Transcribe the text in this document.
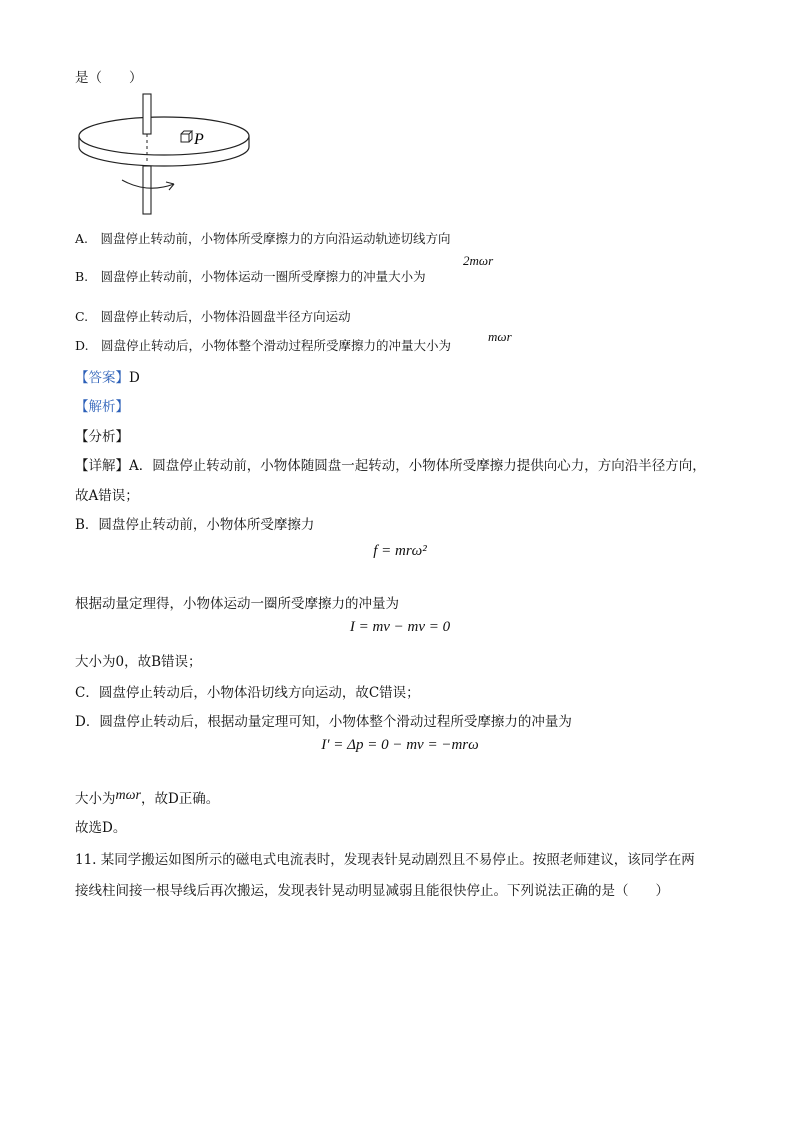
是（　　）
P
A.　圆盘停止转动前，小物体所受摩擦力的方向沿运动轨迹切线方向
B.　圆盘停止转动前，小物体运动一圈所受摩擦力的冲量大小为
2mωr
C.　圆盘停止转动后，小物体沿圆盘半径方向运动
D.　圆盘停止转动后，小物体整个滑动过程所受摩擦力的冲量大小为
mωr
【答案】D
【解析】
【分析】
【详解】A．圆盘停止转动前，小物体随圆盘一起转动，小物体所受摩擦力提供向心力，方向沿半径方向，
故A错误；
B．圆盘停止转动前，小物体所受摩擦力
f = mrω²
根据动量定理得，小物体运动一圈所受摩擦力的冲量为
I = mv − mv = 0
大小为0，故B错误；
C．圆盘停止转动后，小物体沿切线方向运动，故C错误；
D．圆盘停止转动后，根据动量定理可知，小物体整个滑动过程所受摩擦力的冲量为
I′ = Δp = 0 − mv = −mrω
大小为mωr，故D正确。
故选D。
11. 某同学搬运如图所示的磁电式电流表时，发现表针晃动剧烈且不易停止。按照老师建议，该同学在两
接线柱间接一根导线后再次搬运，发现表针晃动明显减弱且能很快停止。下列说法正确的是（　　）
